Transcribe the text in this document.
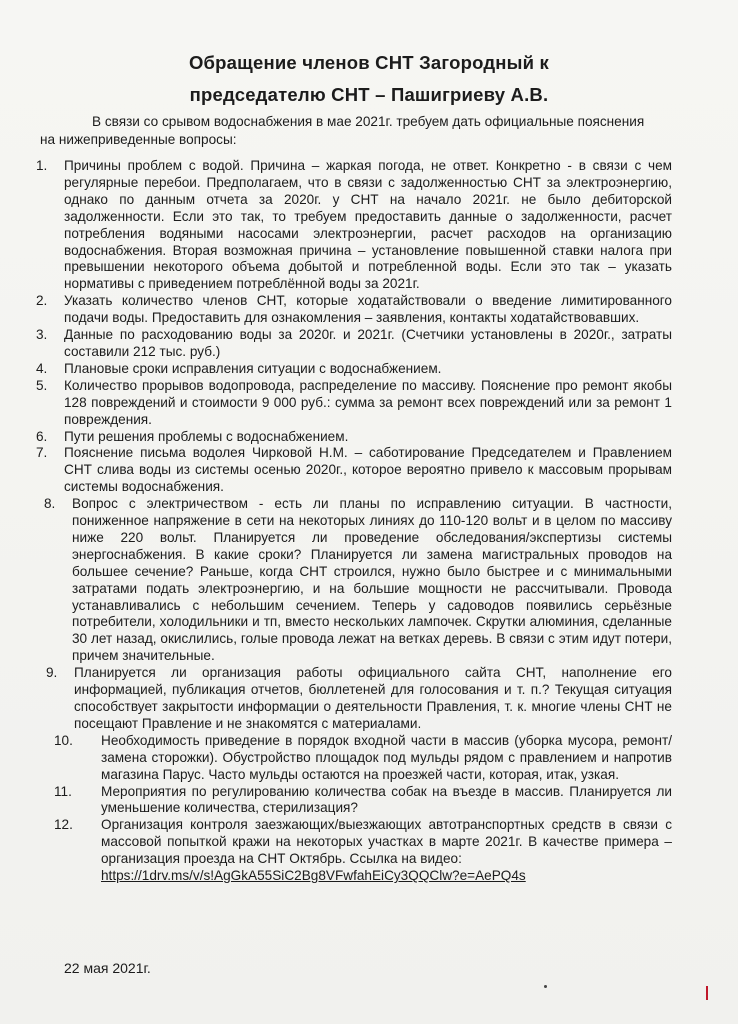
Обращение членов СНТ Загородный к
председателю СНТ – Пашигриеву А.В.
В связи со срывом водоснабжения в мае 2021г. требуем дать официальные пояснения
на нижеприведенные вопросы:
1. Причины проблем с водой. Причина – жаркая погода, не ответ. Конкретно - в связи с чем регулярные перебои. Предполагаем, что в связи с задолженностью СНТ за электроэнергию, однако по данным отчета за 2020г. у СНТ на начало 2021г. не было дебиторской задолженности. Если это так, то требуем предоставить данные о задолженности, расчет потребления водяными насосами электроэнергии, расчет расходов на организацию водоснабжения. Вторая возможная причина – установление повышенной ставки налога при превышении некоторого объема добытой и потребленной воды. Если это так – указать нормативы с приведением потреблённой воды за 2021г.
2. Указать количество членов СНТ, которые ходатайствовали о введение лимитированного подачи воды. Предоставить для ознакомления – заявления, контакты ходатайствовавших.
3. Данные по расходованию воды за 2020г. и 2021г. (Счетчики установлены в 2020г., затраты составили 212 тыс. руб.)
4. Плановые сроки исправления ситуации с водоснабжением.
5. Количество прорывов водопровода, распределение по массиву. Пояснение про ремонт якобы 128 повреждений и стоимости 9 000 руб.: сумма за ремонт всех повреждений или за ремонт 1 повреждения.
6. Пути решения проблемы с водоснабжением.
7. Пояснение письма водолея Чирковой Н.М. – саботирование Председателем и Правлением СНТ слива воды из системы осенью 2020г., которое вероятно привело к массовым прорывам системы водоснабжения.
8. Вопрос с электричеством - есть ли планы по исправлению ситуации. В частности, пониженное напряжение в сети на некоторых линиях до 110-120 вольт и в целом по массиву ниже 220 вольт. Планируется ли проведение обследования/экспертизы системы энергоснабжения. В какие сроки? Планируется ли замена магистральных проводов на большее сечение? Раньше, когда СНТ строился, нужно было быстрее и с минимальными затратами подать электроэнергию, и на большие мощности не рассчитывали. Провода устанавливались с небольшим сечением. Теперь у садоводов появились серьёзные потребители, холодильники и тп, вместо нескольких лампочек. Скрутки алюминия, сделанные 30 лет назад, окислились, голые провода лежат на ветках деревь. В связи с этим идут потери, причем значительные.
9. Планируется ли организация работы официального сайта СНТ, наполнение его информацией, публикация отчетов, бюллетеней для голосования и т. п.? Текущая ситуация способствует закрытости информации о деятельности Правления, т. к. многие члены СНТ не посещают Правление и не знакомятся с материалами.
10. Необходимость приведение в порядок входной части в массив (уборка мусора, ремонт/замена сторожки). Обустройство площадок под мульды рядом с правлением и напротив магазина Парус. Часто мульды остаются на проезжей части, которая, итак, узкая.
11. Мероприятия по регулированию количества собак на въезде в массив. Планируется ли уменьшение количества, стерилизация?
12. Организация контроля заезжающих/выезжающих автотранспортных средств в связи с массовой попыткой кражи на некоторых участках в марте 2021г. В качестве примера – организация проезда на СНТ Октябрь. Ссылка на видео:
https://1drv.ms/v/s!AgGkA55SiC2Bg8VFwfahEiCy3QQClw?e=AePQ4s
22 мая 2021г.
